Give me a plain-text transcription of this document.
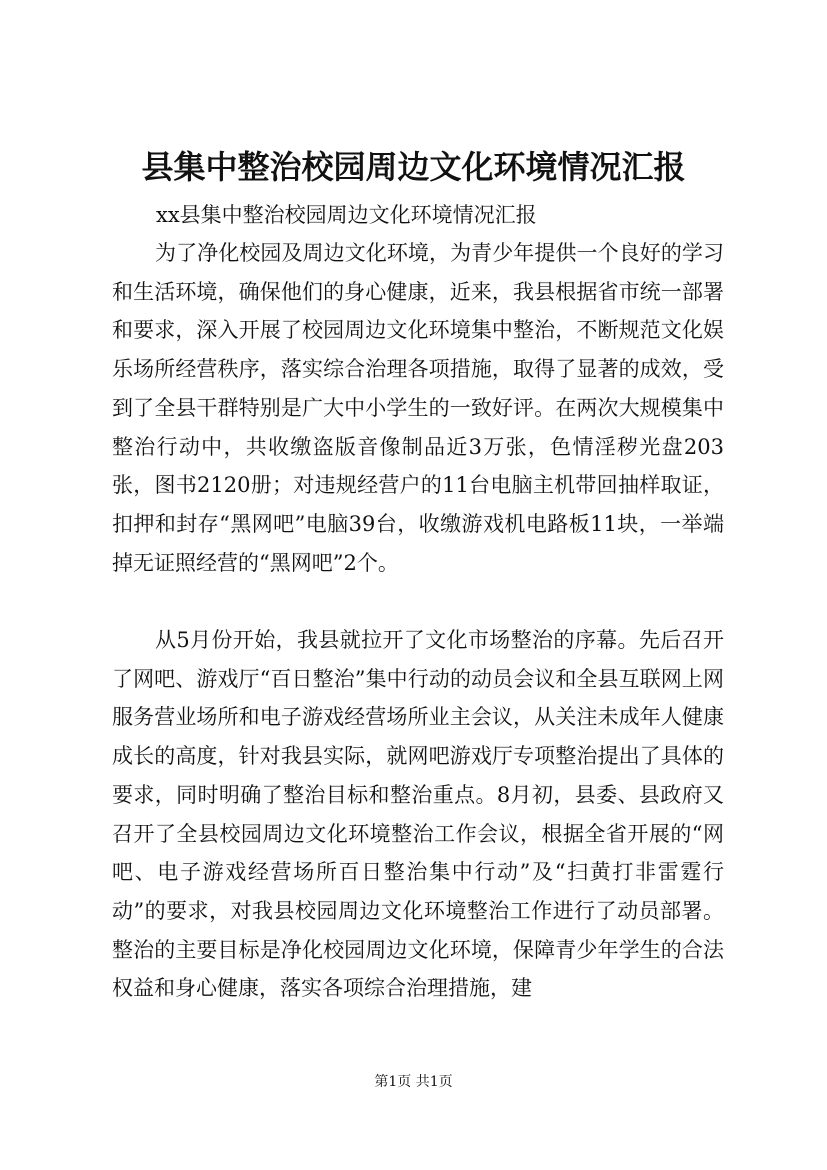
县集中整治校园周边文化环境情况汇报
xx县集中整治校园周边文化环境情况汇报

为了净化校园及周边文化环境，为青少年提供一个良好的学习和生活环境，确保他们的身心健康，近来，我县根据省市统一部署和要求，深入开展了校园周边文化环境集中整治，不断规范文化娱乐场所经营秩序，落实综合治理各项措施，取得了显著的成效，受到了全县干群特别是广大中小学生的一致好评。在两次大规模集中整治行动中，共收缴盗版音像制品近3万张，色情淫秽光盘203张，图书2120册；对违规经营户的11台电脑主机带回抽样取证，扣押和封存“黑网吧”电脑39台，收缴游戏机电路板11块，一举端掉无证照经营的“黑网吧”2个。

从5月份开始，我县就拉开了文化市场整治的序幕。先后召开了网吧、游戏厅“百日整治”集中行动的动员会议和全县互联网上网服务营业场所和电子游戏经营场所业主会议，从关注未成年人健康成长的高度，针对我县实际，就网吧游戏厅专项整治提出了具体的要求，同时明确了整治目标和整治重点。8月初，县委、县政府又召开了全县校园周边文化环境整治工作会议，根据全省开展的“网吧、电子游戏经营场所百日整治集中行动”及“扫黄打非雷霆行动”的要求，对我县校园周边文化环境整治工作进行了动员部署。整治的主要目标是净化校园周边文化环境，保障青少年学生的合法权益和身心健康，落实各项综合治理措施，建

第1页 共1页
